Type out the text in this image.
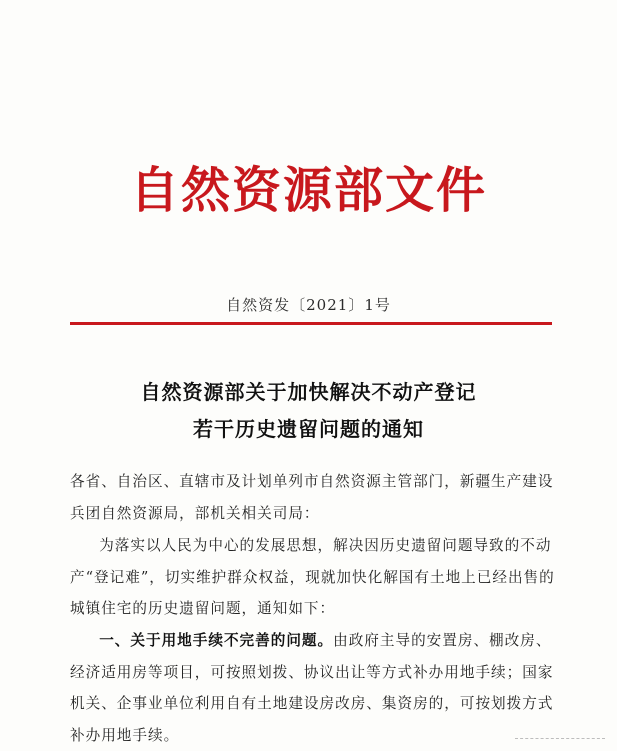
自然资源部文件
自然资发〔2021〕1号
自然资源部关于加快解决不动产登记
若干历史遗留问题的通知

各省、自治区、直辖市及计划单列市自然资源主管部门，新疆生产建设兵团自然资源局，部机关相关司局：

为落实以人民为中心的发展思想，解决因历史遗留问题导致的不动产“登记难”，切实维护群众权益，现就加快化解国有土地上已经出售的城镇住宅的历史遗留问题，通知如下：

一、关于用地手续不完善的问题。由政府主导的安置房、棚改房、经济适用房等项目，可按照划拨、协议出让等方式补办用地手续；国家机关、企事业单位利用自有土地建设房改房、集资房的，可按划拨方式补办用地手续。
